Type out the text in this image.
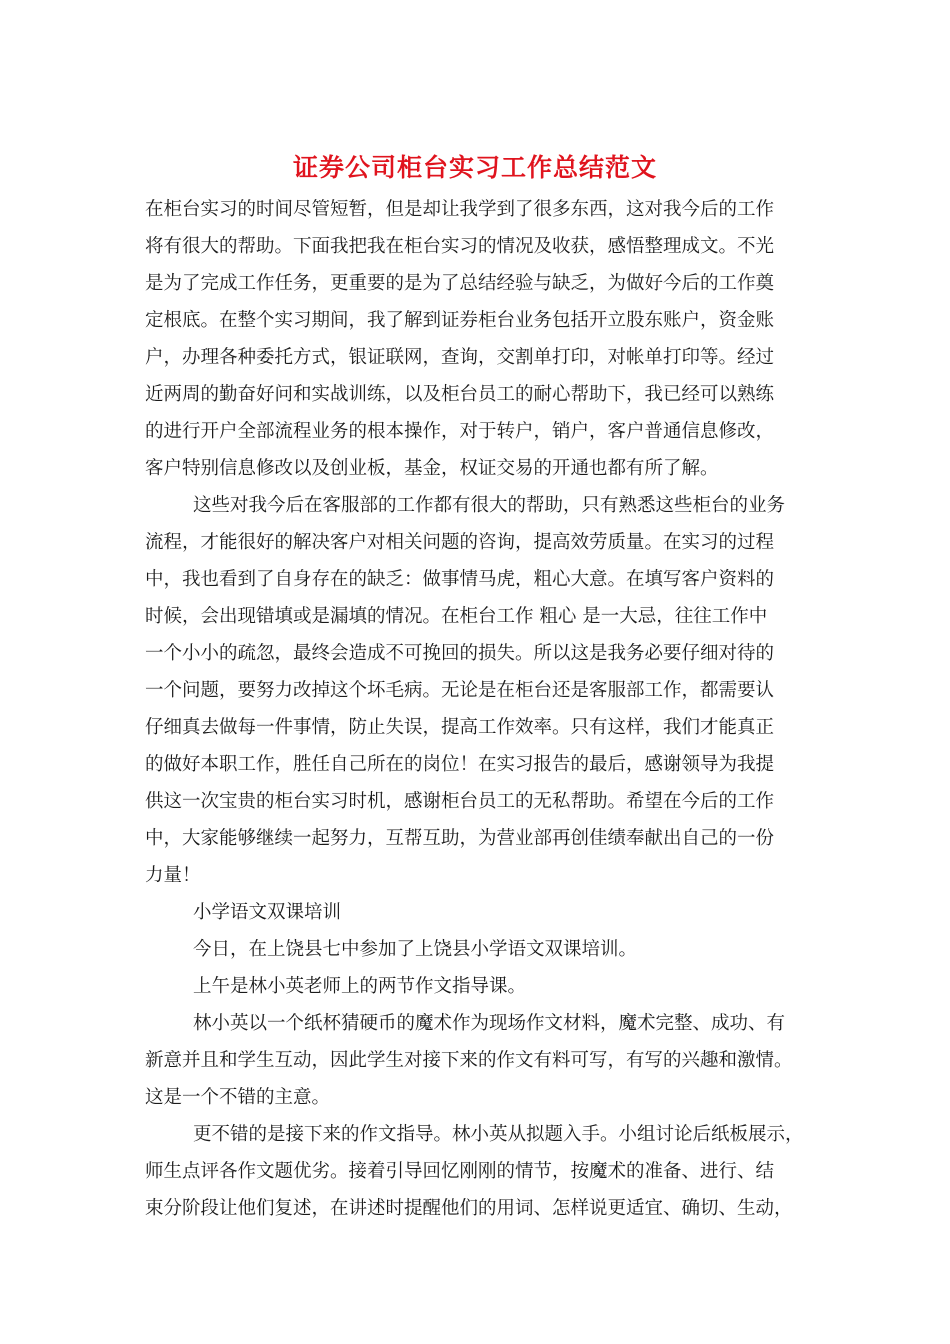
证券公司柜台实习工作总结范文
在柜台实习的时间尽管短暂，但是却让我学到了很多东西，这对我今后的工作
将有很大的帮助。下面我把我在柜台实习的情况及收获，感悟整理成文。不光
是为了完成工作任务，更重要的是为了总结经验与缺乏，为做好今后的工作奠
定根底。在整个实习期间，我了解到证券柜台业务包括开立股东账户，资金账
户，办理各种委托方式，银证联网，查询，交割单打印，对帐单打印等。经过
近两周的勤奋好问和实战训练，以及柜台员工的耐心帮助下，我已经可以熟练
的进行开户全部流程业务的根本操作，对于转户，销户，客户普通信息修改，
客户特别信息修改以及创业板，基金，权证交易的开通也都有所了解。
这些对我今后在客服部的工作都有很大的帮助，只有熟悉这些柜台的业务
流程，才能很好的解决客户对相关问题的咨询，提高效劳质量。在实习的过程
中，我也看到了自身存在的缺乏：做事情马虎，粗心大意。在填写客户资料的
时候，会出现错填或是漏填的情况。在柜台工作 粗心 是一大忌，往往工作中
一个小小的疏忽，最终会造成不可挽回的损失。所以这是我务必要仔细对待的
一个问题，要努力改掉这个坏毛病。无论是在柜台还是客服部工作，都需要认
仔细真去做每一件事情，防止失误，提高工作效率。只有这样，我们才能真正
的做好本职工作，胜任自己所在的岗位！在实习报告的最后，感谢领导为我提
供这一次宝贵的柜台实习时机，感谢柜台员工的无私帮助。希望在今后的工作
中，大家能够继续一起努力，互帮互助，为营业部再创佳绩奉献出自己的一份
力量！
小学语文双课培训
今日，在上饶县七中参加了上饶县小学语文双课培训。
上午是林小英老师上的两节作文指导课。
林小英以一个纸杯猜硬币的魔术作为现场作文材料，魔术完整、成功、有
新意并且和学生互动，因此学生对接下来的作文有料可写，有写的兴趣和激情。
这是一个不错的主意。
更不错的是接下来的作文指导。林小英从拟题入手。小组讨论后纸板展示，
师生点评各作文题优劣。接着引导回忆刚刚的情节，按魔术的准备、进行、结
束分阶段让他们复述，在讲述时提醒他们的用词、怎样说更适宜、确切、生动，
